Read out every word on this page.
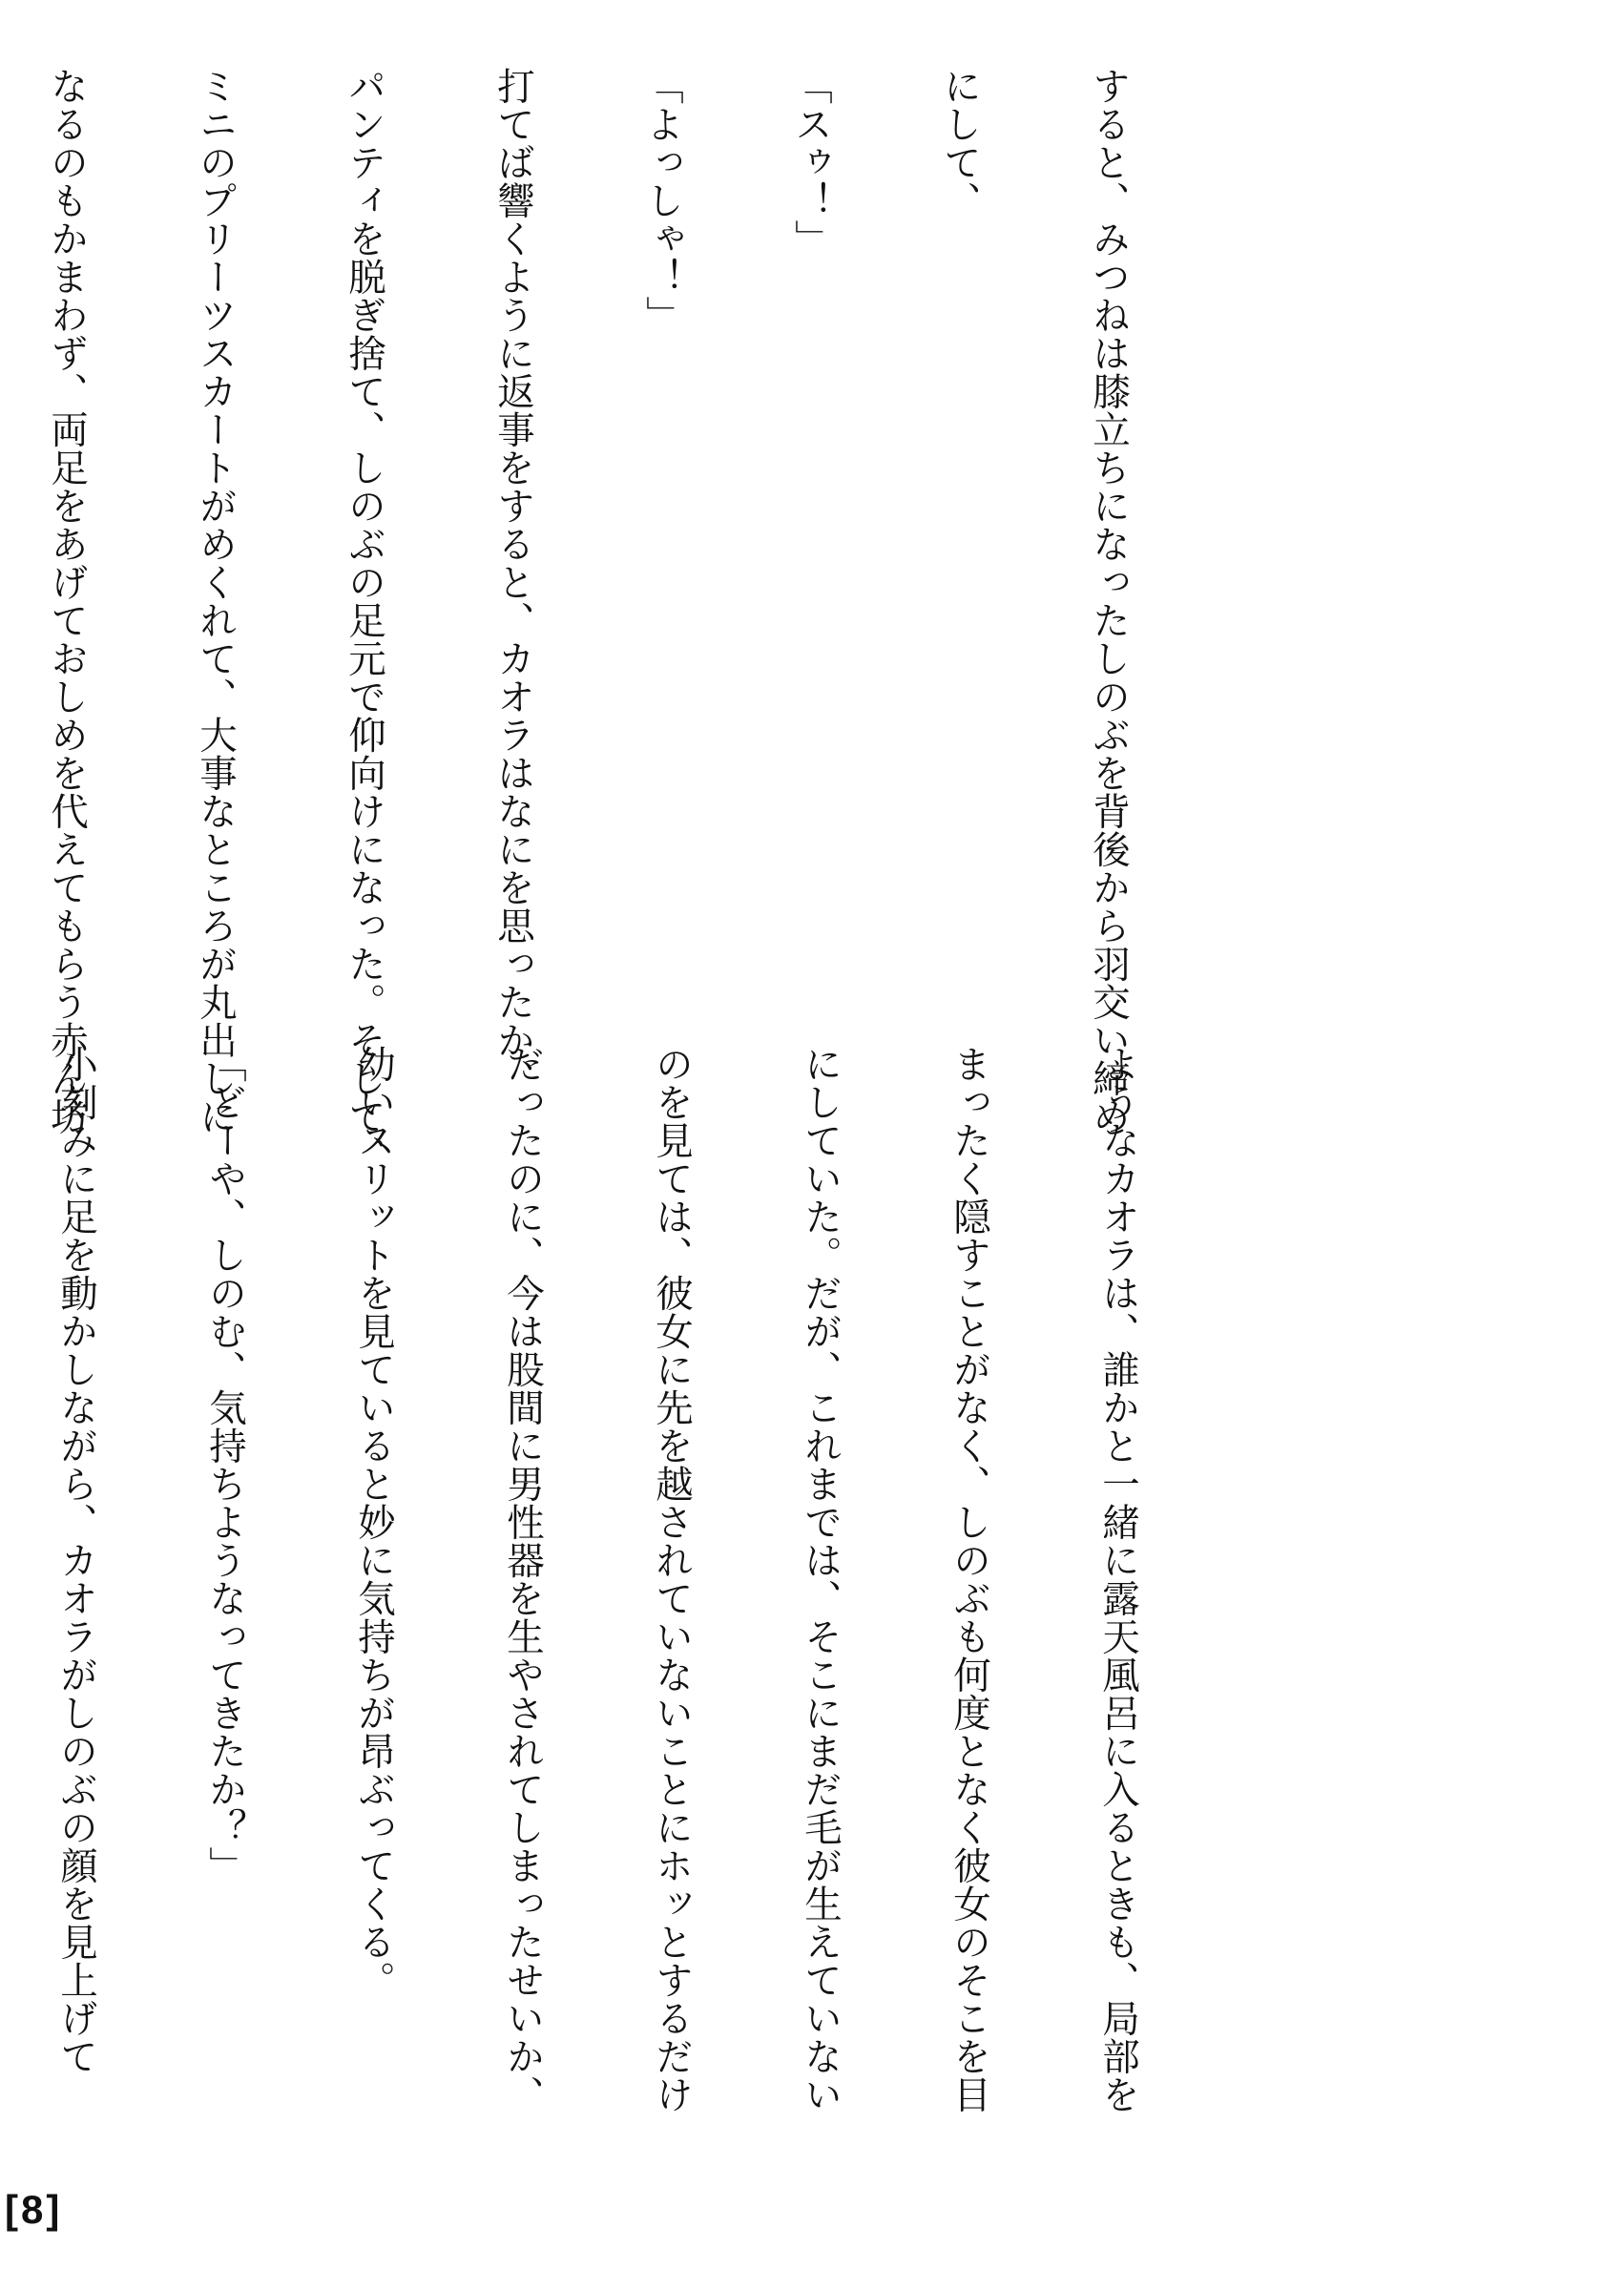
すると、みつねは膝立ちになったしのぶを背後から羽交い締め

にして、

「スゥ！」

「よっしゃ！」

打てば響くように返事をすると、カオラはなにを思ったか、

パンティを脱ぎ捨て、しのぶの足元で仰向けになった。そして、

ミニのプリーツスカートがめくれて、大事なところが丸出しに

なるのもかまわず、両足をあげておしめを代えてもらう赤ん坊

ようなカオラは、誰かと一緒に露天風呂に入るときも、局部を

まったく隠すことがなく、しのぶも何度となく彼女のそこを目

にしていた。だが、これまでは、そこにまだ毛が生えていない

のを見ては、彼女に先を越されていないことにホッとするだけ

だったのに、今は股間に男性器を生やされてしまったせいか、

幼いスリットを見ていると妙に気持ちが昂ぶってくる。

「どーや、しのむ、気持ちようなってきたか？」

小刻みに足を動かしながら、カオラがしのぶの顔を見上げて

[8]
